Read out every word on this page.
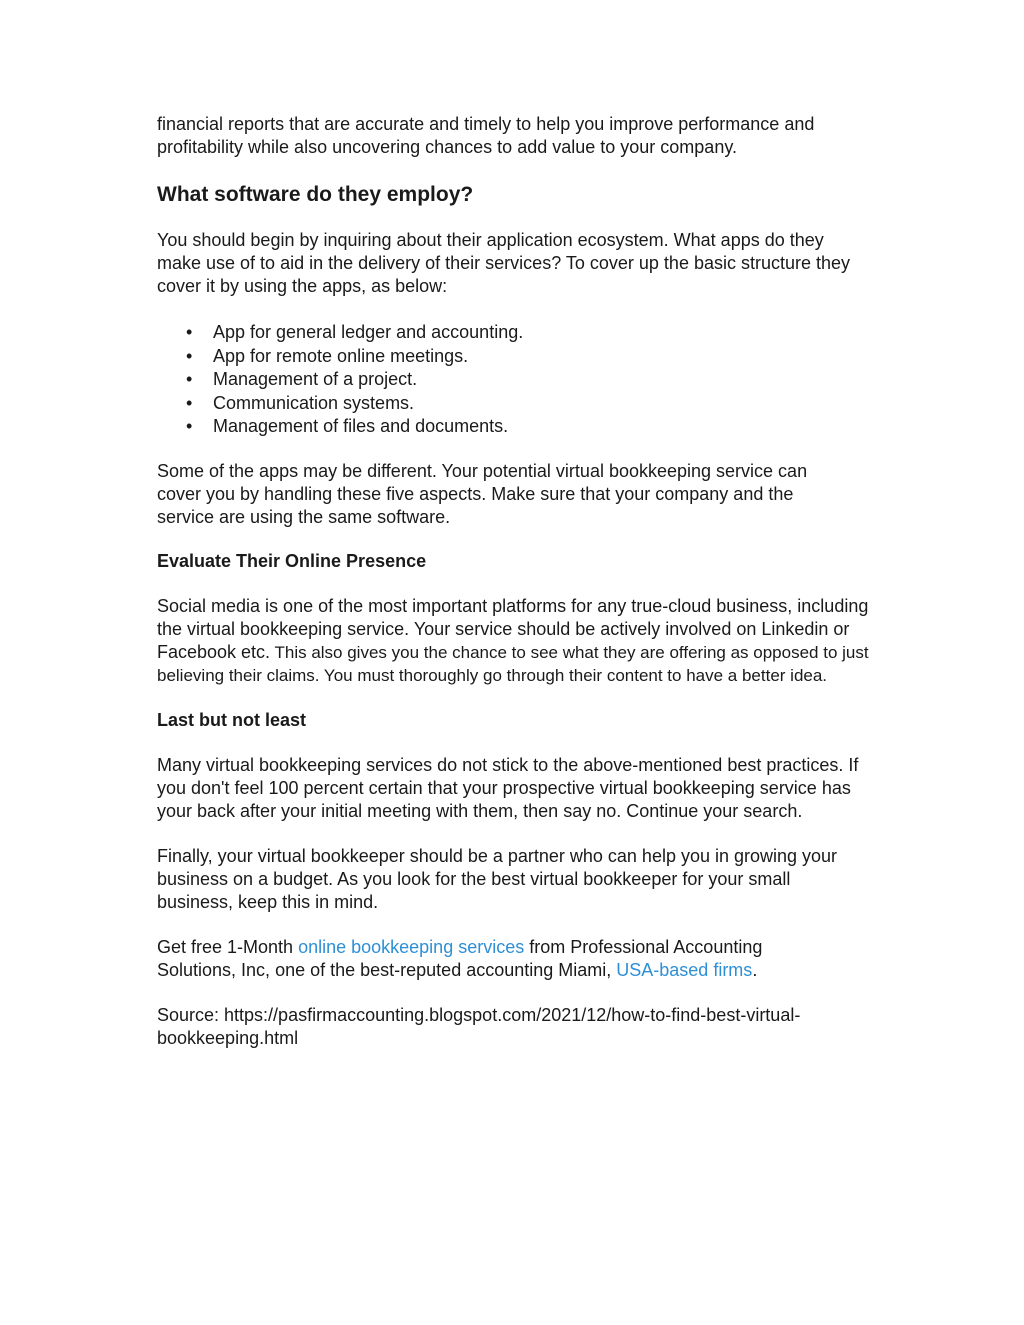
financial reports that are accurate and timely to help you improve performance and profitability while also uncovering chances to add value to your company.

What software do they employ?

You should begin by inquiring about their application ecosystem. What apps do they make use of to aid in the delivery of their services? To cover up the basic structure they cover it by using the apps, as below:

• App for general ledger and accounting.
• App for remote online meetings.
• Management of a project.
• Communication systems.
• Management of files and documents.

Some of the apps may be different. Your potential virtual bookkeeping service can cover you by handling these five aspects. Make sure that your company and the service are using the same software.

Evaluate Their Online Presence

Social media is one of the most important platforms for any true-cloud business, including the virtual bookkeeping service. Your service should be actively involved on Linkedin or Facebook etc. This also gives you the chance to see what they are offering as opposed to just believing their claims. You must thoroughly go through their content to have a better idea.

Last but not least

Many virtual bookkeeping services do not stick to the above-mentioned best practices. If you don't feel 100 percent certain that your prospective virtual bookkeeping service has your back after your initial meeting with them, then say no. Continue your search.

Finally, your virtual bookkeeper should be a partner who can help you in growing your business on a budget. As you look for the best virtual bookkeeper for your small business, keep this in mind.

Get free 1-Month online bookkeeping services from Professional Accounting Solutions, Inc, one of the best-reputed accounting Miami, USA-based firms.

Source: https://pasfirmaccounting.blogspot.com/2021/12/how-to-find-best-virtual-
bookkeeping.html
